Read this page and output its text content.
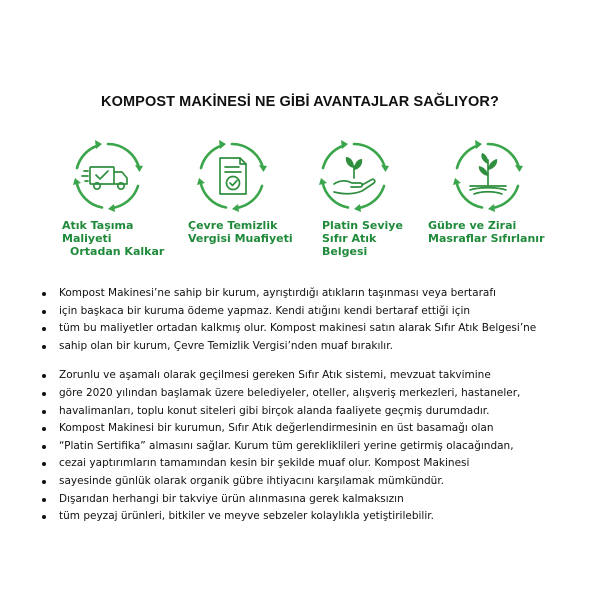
KOMPOST MAKİNESİ NE GİBİ AVANTAJLAR SAĞLIYOR?
Atık Taşıma
Maliyeti
Ortadan Kalkar
Çevre Temizlik
Vergisi Muafiyeti
Platin Seviye
Sıfır Atık
Belgesi
Gübre ve Zirai
Masraflar Sıfırlanır
Kompost Makinesi’ne sahip bir kurum, ayrıştırdığı atıkların taşınması veya bertarafı
için başkaca bir kuruma ödeme yapmaz. Kendi atığını kendi bertaraf ettiği için
tüm bu maliyetler ortadan kalkmış olur. Kompost makinesi satın alarak Sıfır Atık Belgesi’ne
sahip olan bir kurum, Çevre Temizlik Vergisi’nden muaf bırakılır.
Zorunlu ve aşamalı olarak geçilmesi gereken Sıfır Atık sistemi, mevzuat takvimine
göre 2020 yılından başlamak üzere belediyeler, oteller, alışveriş merkezleri, hastaneler,
havalimanları, toplu konut siteleri gibi birçok alanda faaliyete geçmiş durumdadır.
Kompost Makinesi bir kurumun, Sıfır Atık değerlendirmesinin en üst basamağı olan
“Platin Sertifika” almasını sağlar. Kurum tüm gerekliklileri yerine getirmiş olacağından,
cezai yaptırımların tamamından kesin bir şekilde muaf olur. Kompost Makinesi
sayesinde günlük olarak organik gübre ihtiyacını karşılamak mümkündür.
Dışarıdan herhangi bir takviye ürün alınmasına gerek kalmaksızın
tüm peyzaj ürünleri, bitkiler ve meyve sebzeler kolaylıkla yetiştirilebilir.
